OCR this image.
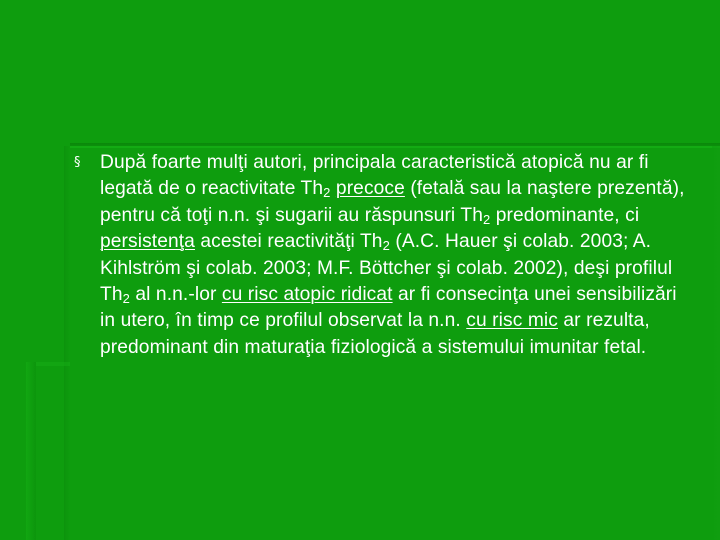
§ După foarte mulţi autori, principala caracteristică atopică nu ar fi legată de o reactivitate $Th_2$ precoce (fetală sau la naştere prezentă), pentru că toţi n.n. şi sugarii au răspunsuri $Th_2$ predominante, ci persistenţa acestei reactivităţi $Th_2$ (A.C. Hauer şi colab. 2003; A. Kihlström şi colab. 2003; M.F. Böttcher şi colab. 2002), deşi profilul $Th_2$ al n.n.-lor cu risc atopic ridicat ar fi consecinţa unei sensibilizări in utero, în timp ce profilul observat la n.n. cu risc mic ar rezulta, predominant din maturaţia fiziologică a sistemului imunitar fetal.
